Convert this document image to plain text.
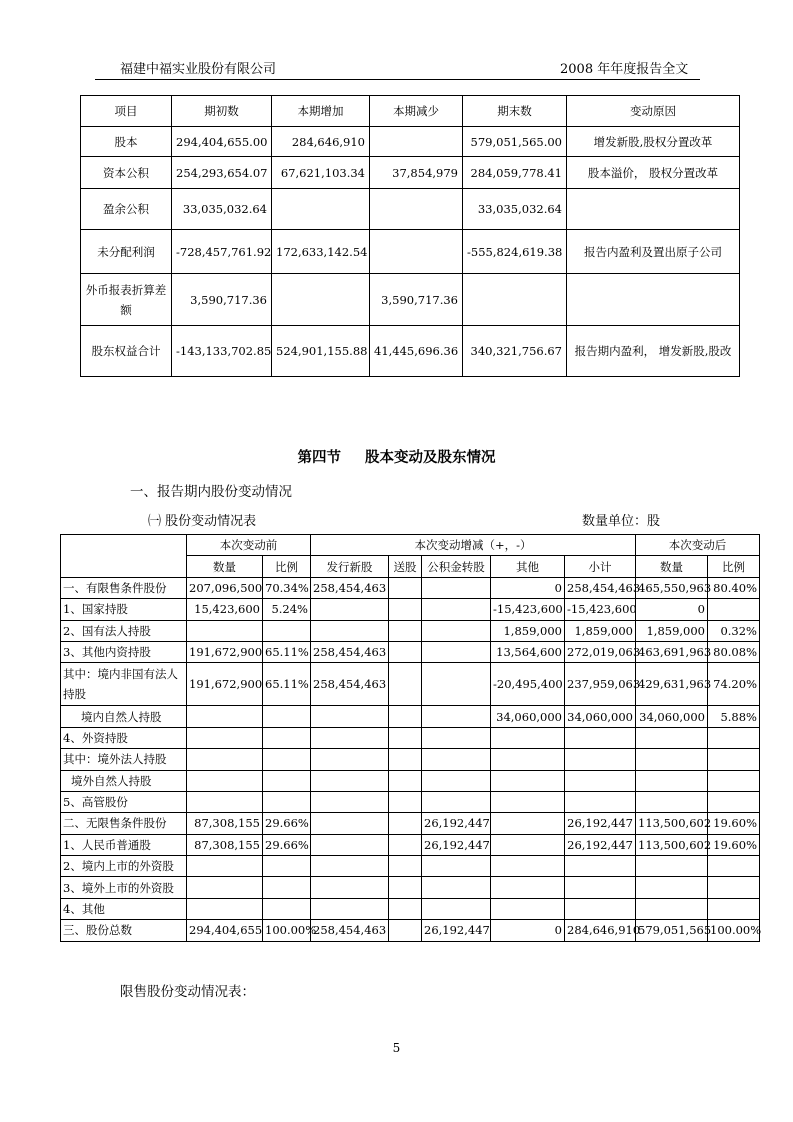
福建中福实业股份有限公司	2008 年年度报告全文
项目	期初数	本期增加	本期减少	期末数	变动原因
股本	294,404,655.00	284,646,910		579,051,565.00	增发新股,股权分置改革
资本公积	254,293,654.07	67,621,103.34	37,854,979	284,059,778.41	股本溢价， 股权分置改革
盈余公积	33,035,032.64			33,035,032.64	
未分配利润	-728,457,761.92	172,633,142.54		-555,824,619.38	报告内盈利及置出原子公司
外币报表折算差额	3,590,717.36		3,590,717.36		
股东权益合计	-143,133,702.85	524,901,155.88	41,445,696.36	340,321,756.67	报告期内盈利， 增发新股,股改
第四节 股本变动及股东情况
一、报告期内股份变动情况
㈠ 股份变动情况表	数量单位：股
	本次变动前		本次变动增减（+，-）					本次变动后	
	数量	比例	发行新股	送股	公积金转股	其他	小计	数量	比例
一、有限售条件股份	207,096,500	70.34%	258,454,463			0	258,454,463	465,550,963	80.40%
1、国家持股	15,423,600	5.24%				-15,423,600	-15,423,600	0	
2、国有法人持股						1,859,000	1,859,000	1,859,000	0.32%
3、其他内资持股	191,672,900	65.11%	258,454,463			13,564,600	272,019,063	463,691,963	80.08%
其中：境内非国有法人持股	191,672,900	65.11%	258,454,463			-20,495,400	237,959,063	429,631,963	74.20%
境内自然人持股						34,060,000	34,060,000	34,060,000	5.88%
4、外资持股									
其中：境外法人持股									
境外自然人持股									
5、高管股份									
二、无限售条件股份	87,308,155	29.66%			26,192,447		26,192,447	113,500,602	19.60%
1、人民币普通股	87,308,155	29.66%			26,192,447		26,192,447	113,500,602	19.60%
2、境内上市的外资股									
3、境外上市的外资股									
4、其他									
三、股份总数	294,404,655	100.00%	258,454,463		26,192,447	0	284,646,910	579,051,565	100.00%
限售股份变动情况表：
5
